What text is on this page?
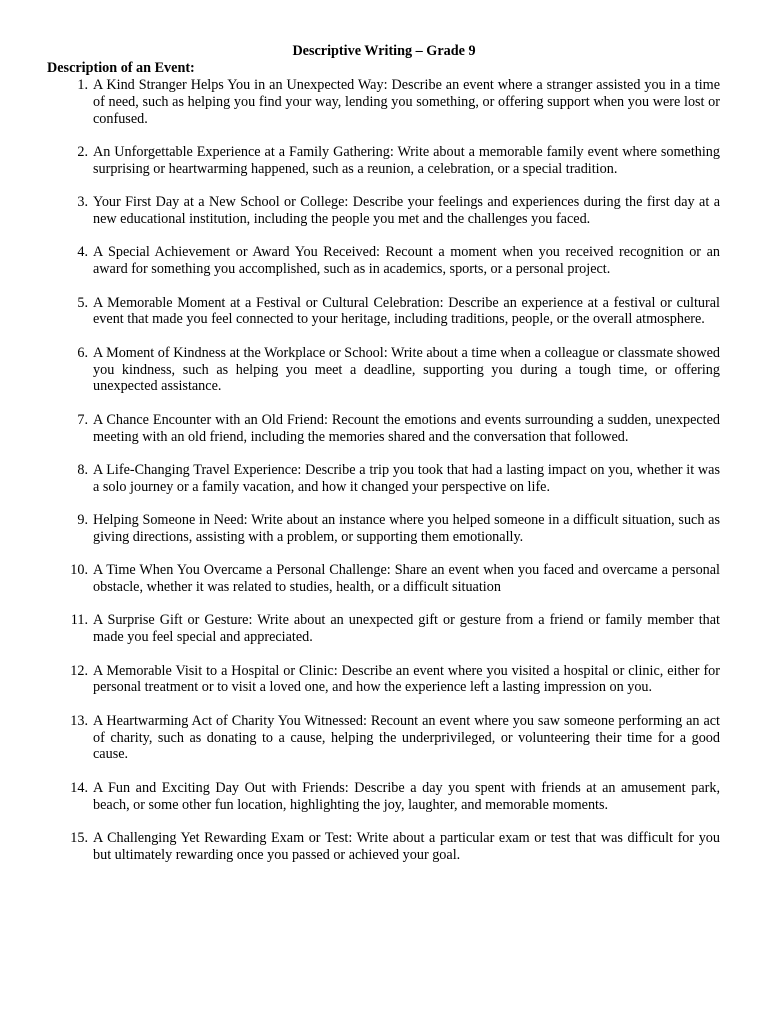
Descriptive Writing – Grade 9
Description of an Event:
1. A Kind Stranger Helps You in an Unexpected Way: Describe an event where a stranger assisted you in a time of need, such as helping you find your way, lending you something, or offering support when you were lost or confused.
2. An Unforgettable Experience at a Family Gathering: Write about a memorable family event where something surprising or heartwarming happened, such as a reunion, a celebration, or a special tradition.
3. Your First Day at a New School or College: Describe your feelings and experiences during the first day at a new educational institution, including the people you met and the challenges you faced.
4. A Special Achievement or Award You Received: Recount a moment when you received recognition or an award for something you accomplished, such as in academics, sports, or a personal project.
5. A Memorable Moment at a Festival or Cultural Celebration: Describe an experience at a festival or cultural event that made you feel connected to your heritage, including traditions, people, or the overall atmosphere.
6. A Moment of Kindness at the Workplace or School: Write about a time when a colleague or classmate showed you kindness, such as helping you meet a deadline, supporting you during a tough time, or offering unexpected assistance.
7. A Chance Encounter with an Old Friend: Recount the emotions and events surrounding a sudden, unexpected meeting with an old friend, including the memories shared and the conversation that followed.
8. A Life-Changing Travel Experience: Describe a trip you took that had a lasting impact on you, whether it was a solo journey or a family vacation, and how it changed your perspective on life.
9. Helping Someone in Need: Write about an instance where you helped someone in a difficult situation, such as giving directions, assisting with a problem, or supporting them emotionally.
10. A Time When You Overcame a Personal Challenge: Share an event when you faced and overcame a personal obstacle, whether it was related to studies, health, or a difficult situation
11. A Surprise Gift or Gesture: Write about an unexpected gift or gesture from a friend or family member that made you feel special and appreciated.
12. A Memorable Visit to a Hospital or Clinic: Describe an event where you visited a hospital or clinic, either for personal treatment or to visit a loved one, and how the experience left a lasting impression on you.
13. A Heartwarming Act of Charity You Witnessed: Recount an event where you saw someone performing an act of charity, such as donating to a cause, helping the underprivileged, or volunteering their time for a good cause.
14. A Fun and Exciting Day Out with Friends: Describe a day you spent with friends at an amusement park, beach, or some other fun location, highlighting the joy, laughter, and memorable moments.
15. A Challenging Yet Rewarding Exam or Test: Write about a particular exam or test that was difficult for you but ultimately rewarding once you passed or achieved your goal.
